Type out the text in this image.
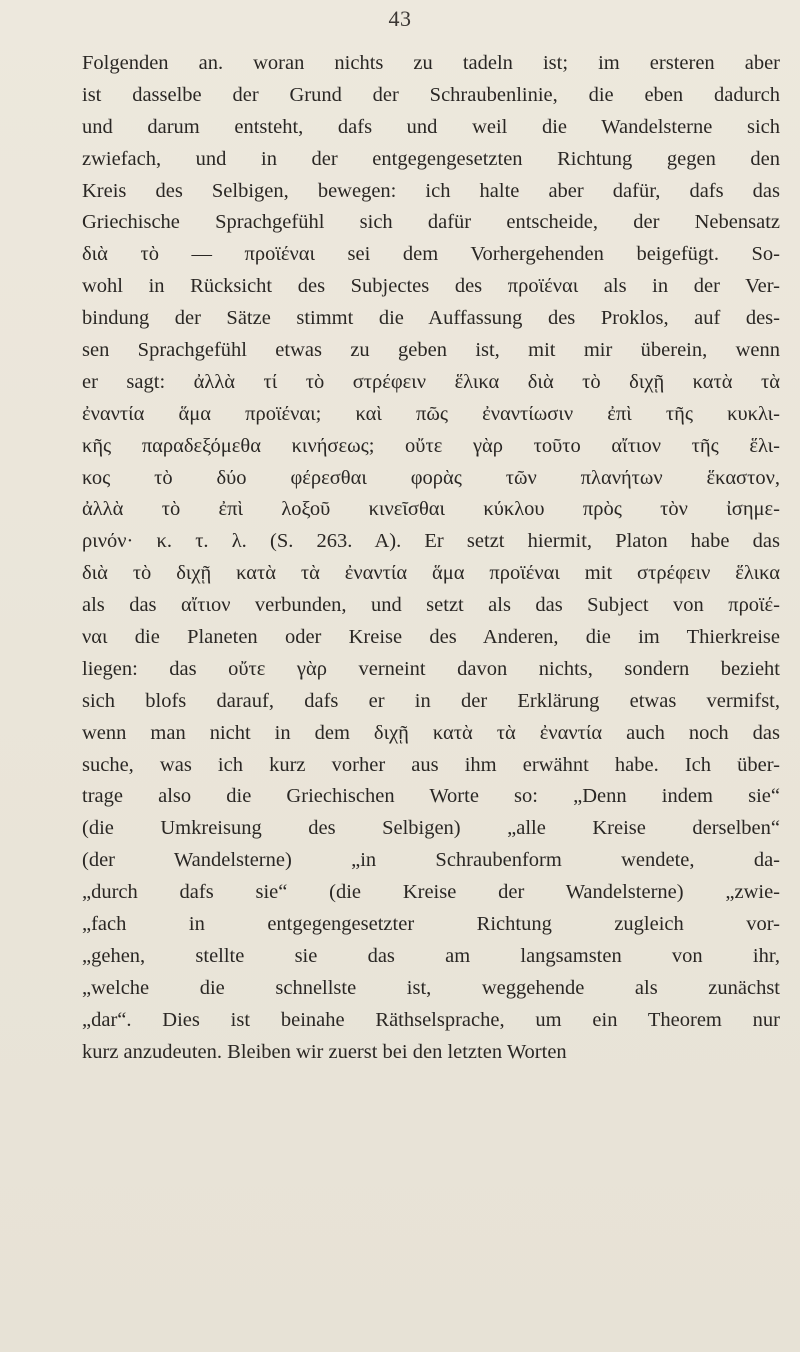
43
Folgenden an. woran nichts zu tadeln ist; im ersteren aber
ist dasselbe der Grund der Schraubenlinie, die eben dadurch
und darum entsteht, dafs und weil die Wandelsterne sich
zwiefach, und in der entgegengesetzten Richtung gegen den
Kreis des Selbigen, bewegen: ich halte aber dafür, dafs das
Griechische Sprachgefühl sich dafür entscheide, der Nebensatz
διὰ τὸ — προϊέναι sei dem Vorhergehenden beigefügt. So-
wohl in Rücksicht des Subjectes des προϊέναι als in der Ver-
bindung der Sätze stimmt die Auffassung des Proklos, auf des-
sen Sprachgefühl etwas zu geben ist, mit mir überein, wenn
er sagt: ἀλλὰ τί τὸ στρέφειν ἕλικα διὰ τὸ διχῇ κατὰ τὰ
ἐναντία ἅμα προϊέναι; καὶ πῶς ἐναντίωσιν ἐπὶ τῆς κυκλι-
κῆς παραδεξόμεθα κινήσεως; οὔτε γὰρ τοῦτο αἴτιον τῆς ἕλι-
κος τὸ δύο φέρεσθαι φορὰς τῶν πλανήτων ἕκαστον,
ἀλλὰ τὸ ἐπὶ λοξοῦ κινεῖσθαι κύκλου πρὸς τὸν ἰσημε-
ρινόν· κ. τ. λ. (S. 263. A). Er setzt hiermit, Platon habe das
διὰ τὸ διχῇ κατὰ τὰ ἐναντία ἅμα προϊέναι mit στρέφειν ἕλικα
als das αἴτιον verbunden, und setzt als das Subject von προϊέ-
ναι die Planeten oder Kreise des Anderen, die im Thierkreise
liegen: das οὔτε γὰρ verneint davon nichts, sondern bezieht
sich blofs darauf, dafs er in der Erklärung etwas vermifst,
wenn man nicht in dem διχῇ κατὰ τὰ ἐναντία auch noch das
suche, was ich kurz vorher aus ihm erwähnt habe. Ich über-
trage also die Griechischen Worte so: „Denn indem sie“
(die Umkreisung des Selbigen) „alle Kreise derselben“
(der Wandelsterne) „in Schraubenform wendete, da-
„durch dafs sie“ (die Kreise der Wandelsterne) „zwie-
„fach in entgegengesetzter Richtung zugleich vor-
„gehen, stellte sie das am langsamsten von ihr,
„welche die schnellste ist, weggehende als zunächst
„dar“. Dies ist beinahe Räthselsprache, um ein Theorem nur
kurz anzudeuten. Bleiben wir zuerst bei den letzten Worten
